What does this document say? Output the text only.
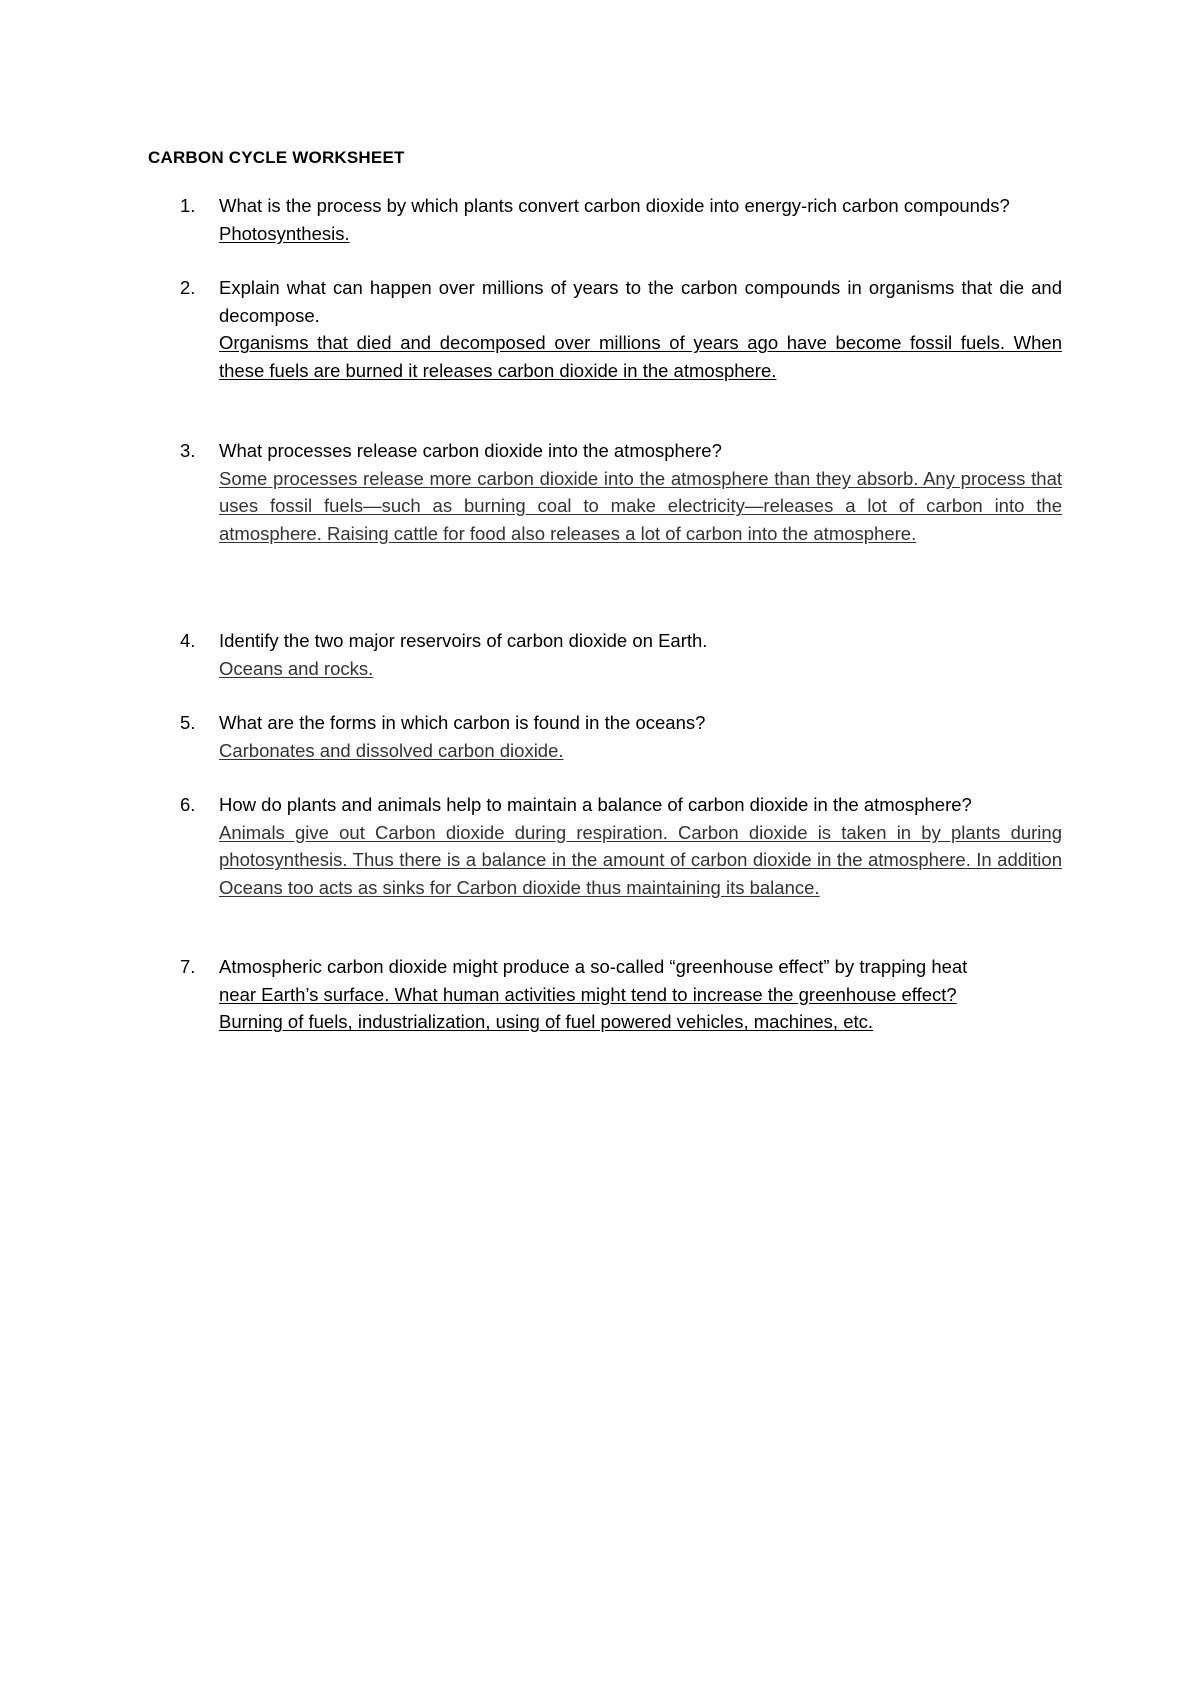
CARBON CYCLE WORKSHEET
1.	What is the process by which plants convert carbon dioxide into energy-rich carbon compounds?

Photosynthesis.

2.	Explain what can happen over millions of years to the carbon compounds in organisms that die and decompose.

Organisms that died and decomposed over millions of years ago have become fossil fuels. When these fuels are burned it releases carbon dioxide in the atmosphere.

3.	What processes release carbon dioxide into the atmosphere?

Some processes release more carbon dioxide into the atmosphere than they absorb. Any process that uses fossil fuels—such as burning coal to make electricity—releases a lot of carbon into the atmosphere. Raising cattle for food also releases a lot of carbon into the atmosphere.

4.	Identify the two major reservoirs of carbon dioxide on Earth.

Oceans and rocks.

5.	What are the forms in which carbon is found in the oceans?

Carbonates and dissolved carbon dioxide.

6.	How do plants and animals help to maintain a balance of carbon dioxide in the atmosphere?

Animals give out Carbon dioxide during respiration. Carbon dioxide is taken in by plants during photosynthesis. Thus there is a balance in the amount of carbon dioxide in the atmosphere. In addition Oceans too acts as sinks for Carbon dioxide thus maintaining its balance.

7.	Atmospheric carbon dioxide might produce a so-called “greenhouse effect” by trapping heat

near Earth’s surface. What human activities might tend to increase the greenhouse effect?

Burning of fuels, industrialization, using of fuel powered vehicles, machines, etc.
